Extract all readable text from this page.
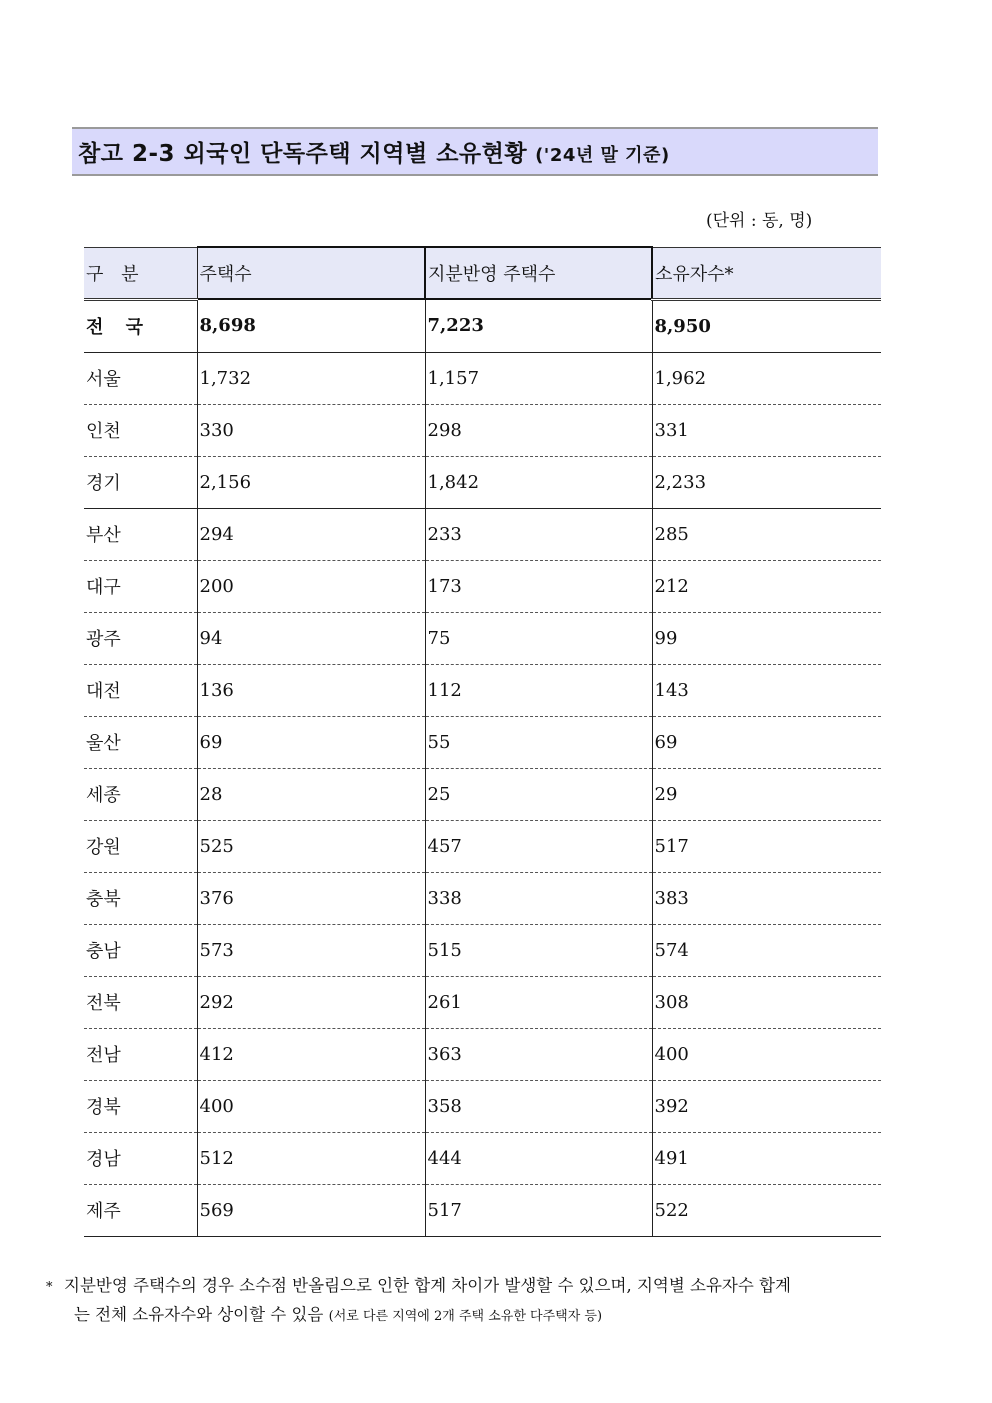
참고 2-3 외국인 단독주택 지역별 소유현황 ('24년 말 기준)
(단위 : 동, 명)
구 분	주택수	지분반영 주택수	소유자수*
전 국	8,698	7,223	8,950
서울	1,732	1,157	1,962
인천	330	298	331
경기	2,156	1,842	2,233
부산	294	233	285
대구	200	173	212
광주	94	75	99
대전	136	112	143
울산	69	55	69
세종	28	25	29
강원	525	457	517
충북	376	338	383
충남	573	515	574
전북	292	261	308
전남	412	363	400
경북	400	358	392
경남	512	444	491
제주	569	517	522
* 지분반영 주택수의 경우 소수점 반올림으로 인한 합계 차이가 발생할 수 있으며, 지역별 소유자수 합계
는 전체 소유자수와 상이할 수 있음 (서로 다른 지역에 2개 주택 소유한 다주택자 등)
